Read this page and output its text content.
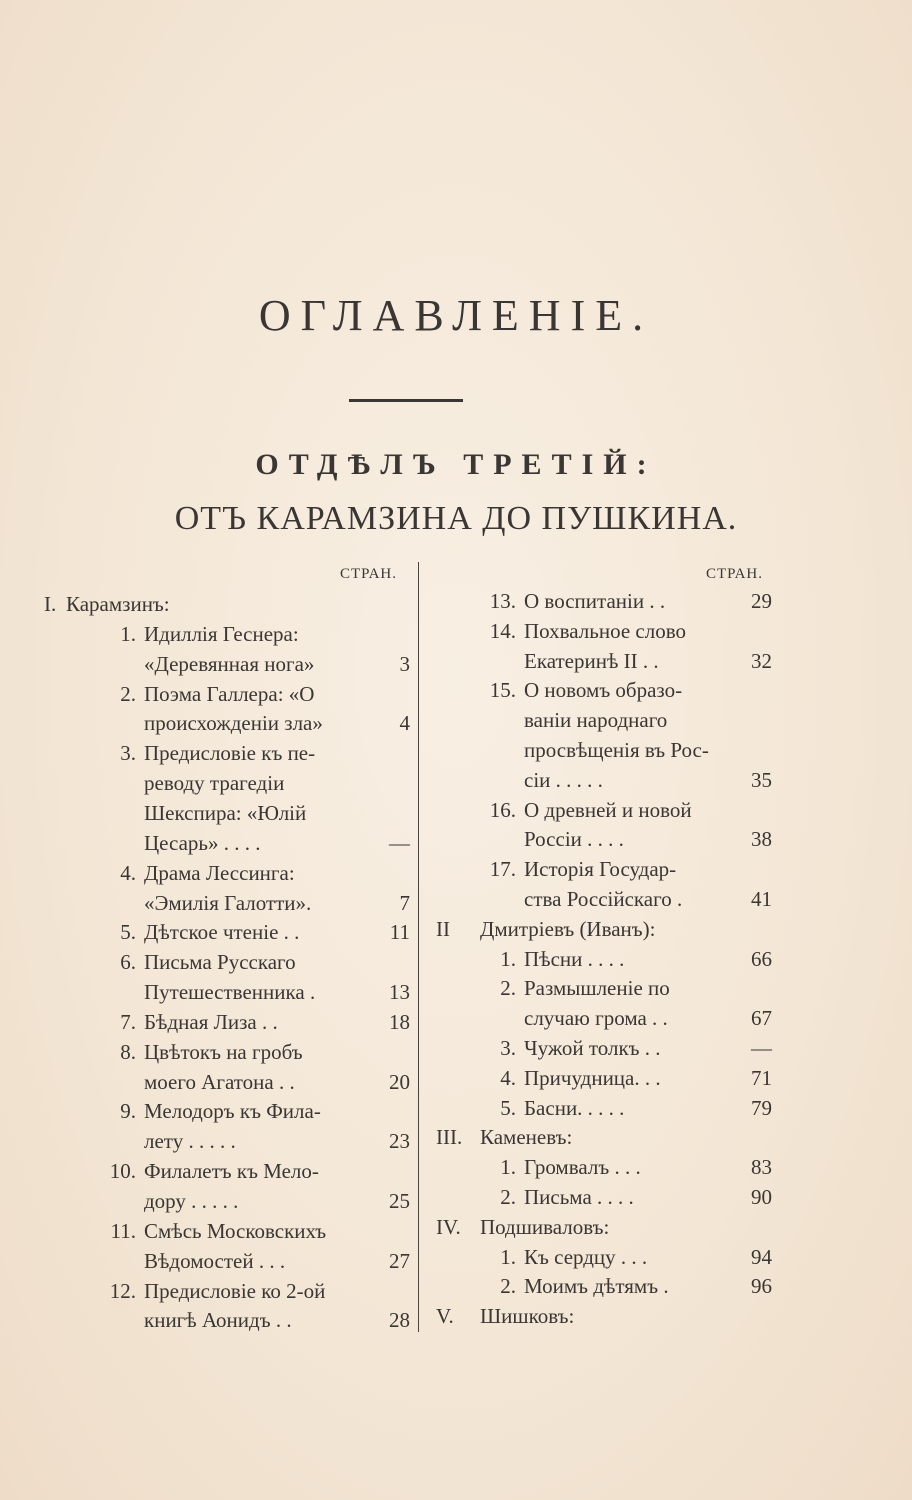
ОГЛАВЛЕНІЕ.
ОТДѢЛЪ ТРЕТІЙ:
ОТЪ КАРАМЗИНА ДО ПУШКИНА.
СТРАН.	СТРАН.
I. Карамзинъ:
1. Идиллія Геснера:
«Деревянная нога»	3
2. Поэма Галлера: «О
происхожденіи зла»	4
3. Предисловіе къ пе-
реводу трагедіи
Шекспира: «Юлій
Цесарь» . . . .	—
4. Драма Лессинга:
«Эмилія Галотти».	7
5. Дѣтское чтеніе . .	11
6. Письма Русскаго
Путешественника .	13
7. Бѣдная Лиза . .	18
8. Цвѣтокъ на гробъ
моего Агатона . .	20
9. Мелодоръ къ Фила-
лету . . . . .	23
10. Филалетъ къ Мело-
дору . . . . .	25
11. Смѣсь Московскихъ
Вѣдомостей . . .	27
12. Предисловіе ко 2-ой
книгѣ Аонидъ . .	28
13. О воспитаніи . .	29
14. Похвальное слово
Екатеринѣ II . .	32
15. О новомъ образо-
ваніи народнаго
просвѣщенія въ Рос-
сіи . . . . .	35
16. О древней и новой
Россіи . . . .	38
17. Исторія Государ-
ства Россійскаго .	41
II Дмитріевъ (Иванъ):
1. Пѣсни . . . .	66
2. Размышленіе по
случаю грома . .	67
3. Чужой толкъ . .	—
4. Причудница. . .	71
5. Басни. . . . .	79
III. Каменевъ:
1. Громвалъ . . .	83
2. Письма . . . .	90
IV. Подшиваловъ:
1. Къ сердцу . . .	94
2. Моимъ дѣтямъ .	96
V. Шишковъ:
